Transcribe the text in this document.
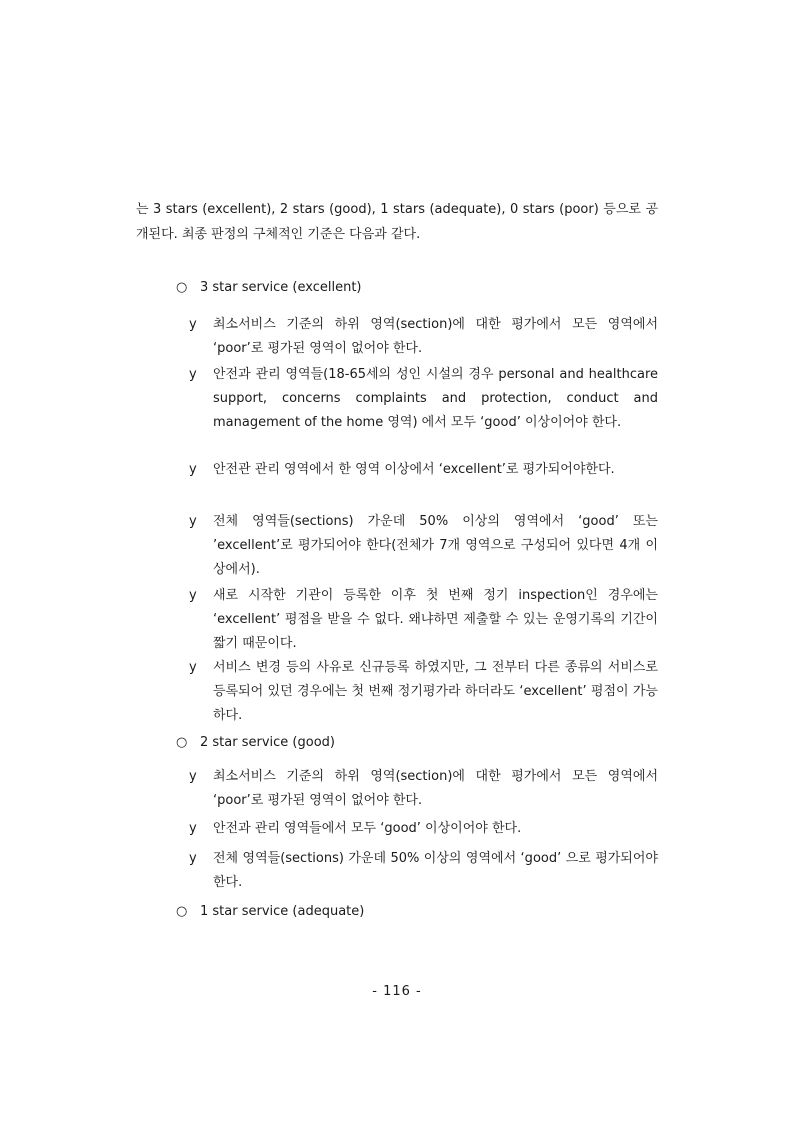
는 3 stars (excellent), 2 stars (good), 1 stars (adequate), 0 stars (poor) 등으로 공개된다. 최종 판정의 구체적인 기준은 다음과 같다.

○ 3 star service (excellent)
y	최소서비스 기준의 하위 영역(section)에 대한 평가에서 모든 영역에서 ‘poor’로 평가된 영역이 없어야 한다.
y	안전과 관리 영역들(18-65세의 성인 시설의 경우 personal and healthcare support, concerns complaints and protection, conduct and management of the home 영역) 에서 모두 ‘good’ 이상이어야 한다.
y	안전관 관리 영역에서 한 영역 이상에서 ‘excellent’로 평가되어야한다.
y	전체 영역들(sections) 가운데 50% 이상의 영역에서 ‘good’ 또는 ’excellent’로 평가되어야 한다(전체가 7개 영역으로 구성되어 있다면 4개 이상에서).
y	새로 시작한 기관이 등록한 이후 첫 번째 정기 inspection인 경우에는 ‘excellent’ 평점을 받을 수 없다. 왜냐하면 제출할 수 있는 운영기록의 기간이 짧기 때문이다.
y	서비스 변경 등의 사유로 신규등록 하였지만, 그 전부터 다른 종류의 서비스로 등록되어 있던 경우에는 첫 번째 정기평가라 하더라도 ‘excellent’ 평점이 가능하다.
○ 2 star service (good)
y	최소서비스 기준의 하위 영역(section)에 대한 평가에서 모든 영역에서 ‘poor’로 평가된 영역이 없어야 한다.
y	안전과 관리 영역들에서 모두 ‘good’ 이상이어야 한다.
y	전체 영역들(sections) 가운데 50% 이상의 영역에서 ‘good’ 으로 평가되어야 한다.
○ 1 star service (adequate)
- 116 -
